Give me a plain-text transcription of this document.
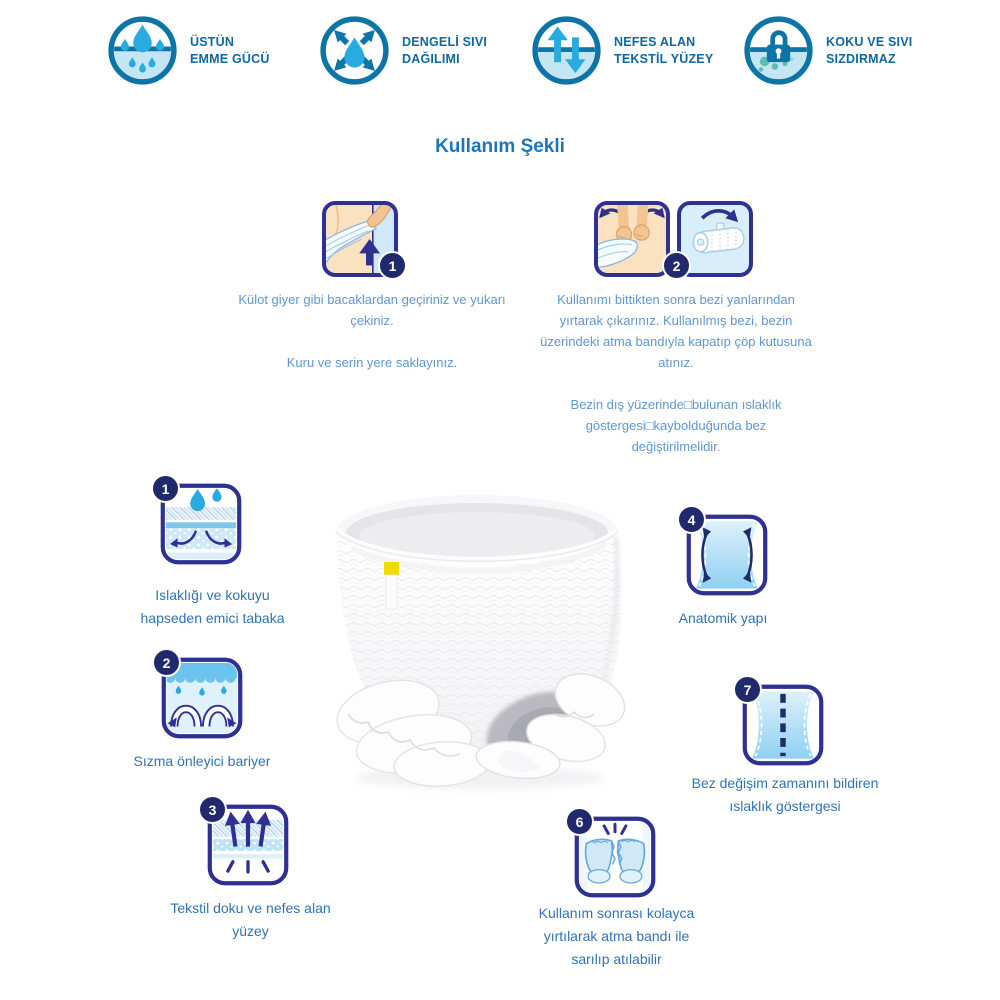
ÜSTÜN
EMME GÜCÜ
DENGELİ SIVI
DAĞILIMI
NEFES ALAN
TEKSTİL YÜZEY
KOKU VE SIVI
SIZDIRMAZ
Kullanım Şekli
1	2

Külot giyer gibi bacaklardan geçiriniz ve yukarı çekiniz.

Kuru ve serin yere saklayınız.

Kullanımı bittikten sonra bezi yanlarından yırtarak çıkarınız. Kullanılmış bezi, bezin üzerindeki atma bandıyla kapatıp çöp kutusuna atınız.

Bezin dış yüzerinde□bulunan ıslaklık göstergesi□kaybolduğunda bez değiştirilmelidir.

1
Islaklığı ve kokuyu hapseden emici tabaka
2
Sızma önleyici bariyer
3
Tekstil doku ve nefes alan yüzey
4
Anatomik yapı
7
Bez değişim zamanını bildiren ıslaklık göstergesi
6
Kullanım sonrası kolayca yırtılarak atma bandı ile sarılıp atılabilir
